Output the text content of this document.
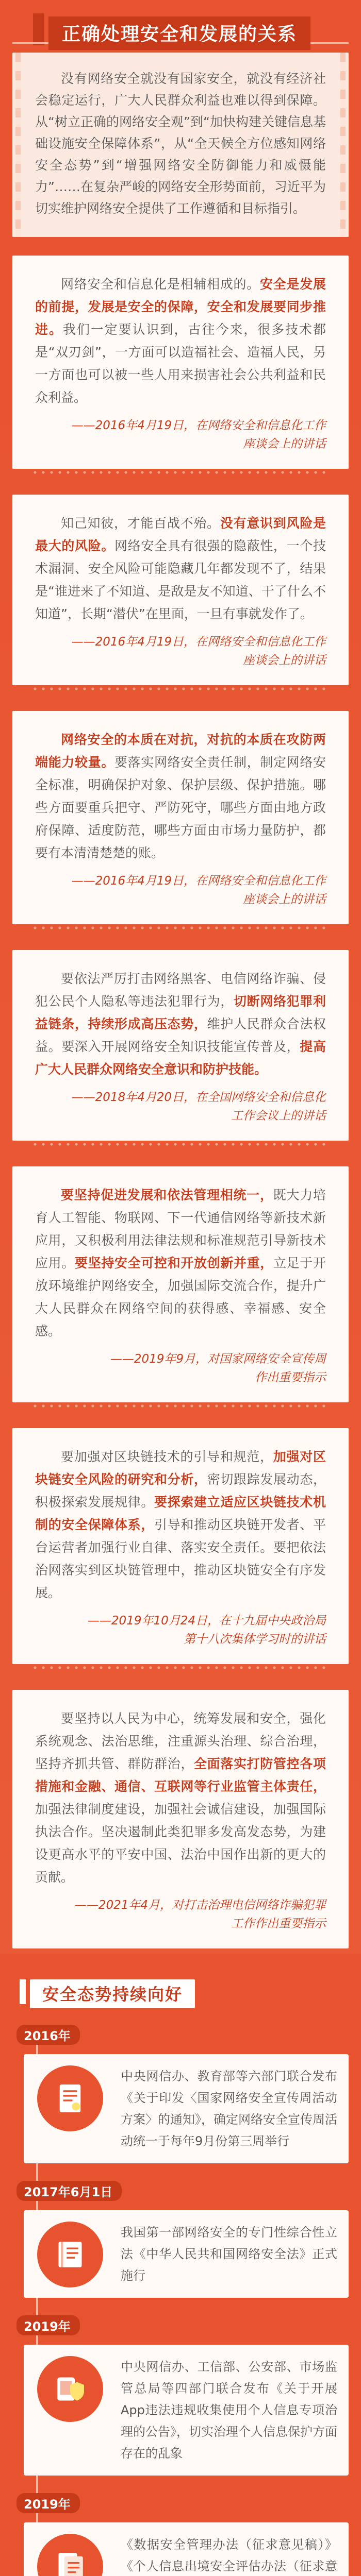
正确处理安全和发展的关系
没有网络安全就没有国家安全，就没有经济社会稳定运行，广大人民群众利益也难以得到保障。从“树立正确的网络安全观”到“加快构建关键信息基础设施安全保障体系”，从“全天候全方位感知网络安全态势”到“增强网络安全防御能力和威慑能力”……在复杂严峻的网络安全形势面前，习近平为切实维护网络安全提供了工作遵循和目标指引。
网络安全和信息化是相辅相成的。安全是发展的前提，发展是安全的保障，安全和发展要同步推进。我们一定要认识到，古往今来，很多技术都是“双刃剑”，一方面可以造福社会、造福人民，另一方面也可以被一些人用来损害社会公共利益和民众利益。
——2016年4月19日，在网络安全和信息化工作
座谈会上的讲话
知己知彼，才能百战不殆。没有意识到风险是最大的风险。网络安全具有很强的隐蔽性，一个技术漏洞、安全风险可能隐藏几年都发现不了，结果是“谁进来了不知道、是敌是友不知道、干了什么不知道”，长期“潜伏”在里面，一旦有事就发作了。
——2016年4月19日，在网络安全和信息化工作
座谈会上的讲话
网络安全的本质在对抗，对抗的本质在攻防两端能力较量。要落实网络安全责任制，制定网络安全标准，明确保护对象、保护层级、保护措施。哪些方面要重兵把守、严防死守，哪些方面由地方政府保障、适度防范，哪些方面由市场力量防护，都要有本清清楚楚的账。
——2016年4月19日，在网络安全和信息化工作
座谈会上的讲话
要依法严厉打击网络黑客、电信网络诈骗、侵犯公民个人隐私等违法犯罪行为，切断网络犯罪利益链条，持续形成高压态势，维护人民群众合法权益。要深入开展网络安全知识技能宣传普及，提高广大人民群众网络安全意识和防护技能。
——2018年4月20日，在全国网络安全和信息化
工作会议上的讲话
要坚持促进发展和依法管理相统一，既大力培育人工智能、物联网、下一代通信网络等新技术新应用，又积极利用法律法规和标准规范引导新技术应用。要坚持安全可控和开放创新并重，立足于开放环境维护网络安全，加强国际交流合作，提升广大人民群众在网络空间的获得感、幸福感、安全感。
——2019年9月，对国家网络安全宣传周
作出重要指示
要加强对区块链技术的引导和规范，加强对区块链安全风险的研究和分析，密切跟踪发展动态，积极探索发展规律。要探索建立适应区块链技术机制的安全保障体系，引导和推动区块链开发者、平台运营者加强行业自律、落实安全责任。要把依法治网落实到区块链管理中，推动区块链安全有序发展。
——2019年10月24日，在十九届中央政治局
第十八次集体学习时的讲话
要坚持以人民为中心，统筹发展和安全，强化系统观念、法治思维，注重源头治理、综合治理，坚持齐抓共管、群防群治，全面落实打防管控各项措施和金融、通信、互联网等行业监管主体责任，加强法律制度建设，加强社会诚信建设，加强国际执法合作。坚决遏制此类犯罪多发高发态势，为建设更高水平的平安中国、法治中国作出新的更大的贡献。
——2021年4月，对打击治理电信网络诈骗犯罪
工作作出重要指示
安全态势持续向好
2016年
中央网信办、教育部等六部门联合发布《关于印发〈国家网络安全宣传周活动方案〉的通知》，确定网络安全宣传周活动统一于每年9月份第三周举行
2017年6月1日
我国第一部网络安全的专门性综合性立法《中华人民共和国网络安全法》正式施行
2019年
中央网信办、工信部、公安部、市场监管总局等四部门联合发布《关于开展App违法违规收集使用个人信息专项治理的公告》，切实治理个人信息保护方面存在的乱象
2019年
《数据安全管理办法（征求意见稿）》《个人信息出境安全评估办法（征求意
